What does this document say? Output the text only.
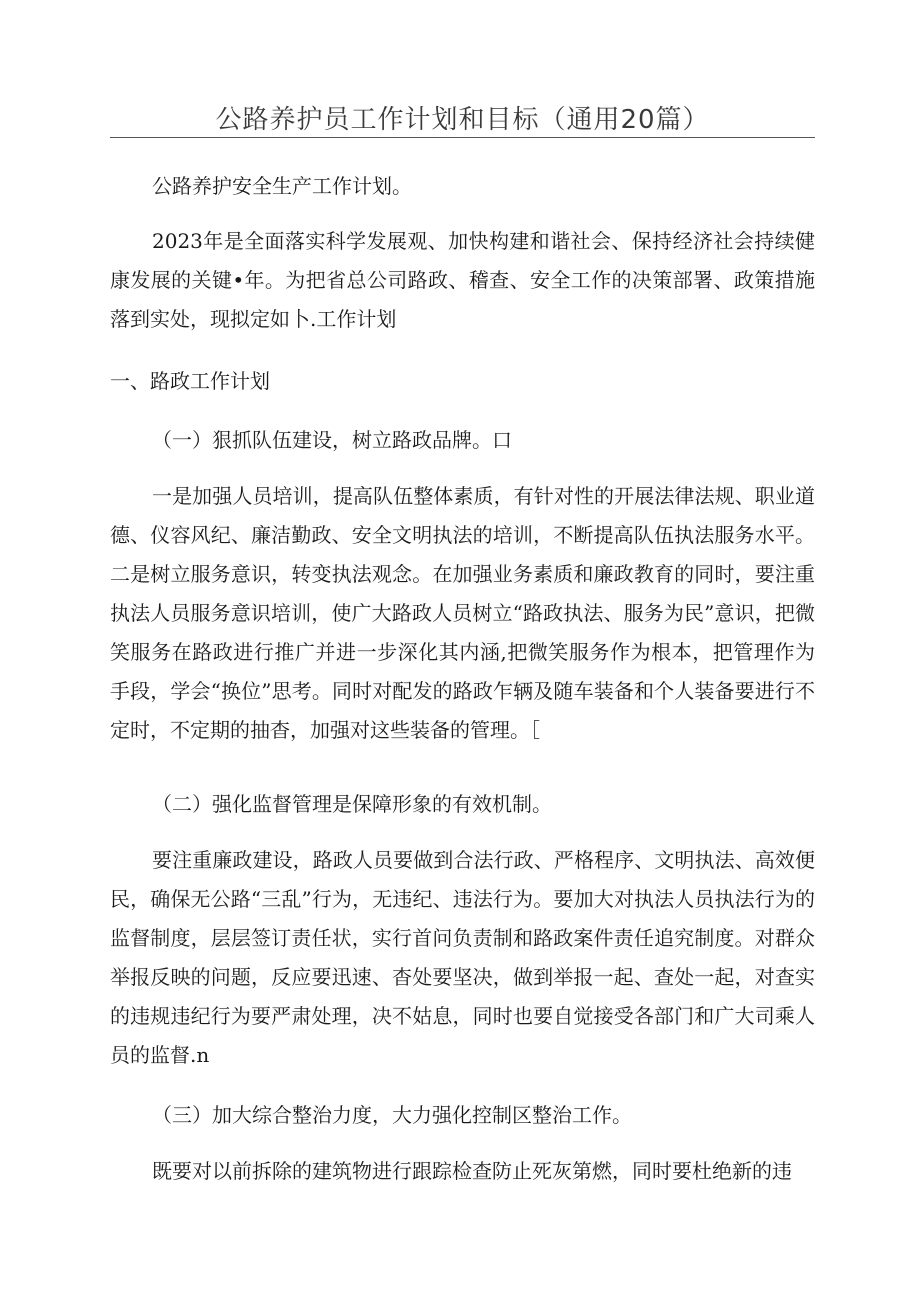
公路养护员工作计划和目标（通用20篇）

公路养护安全生产工作计划。

2023年是全面落实科学发展观、加快构建和谐社会、保持经济社会持续健康发展的关键•年。为把省总公司路政、稽查、安全工作的决策部署、政策措施落到实处，现拟定如卜.工作计划

一、路政工作计划

（一）狠抓队伍建设，树立路政品牌。口

一是加强人员培训，提高队伍整体素质，有针对性的开展法律法规、职业道德、仪容风纪、廉洁勤政、安全文明执法的培训，不断提高队伍执法服务水平。二是树立服务意识，转变执法观念。在加强业务素质和廉政教育的同时，要注重执法人员服务意识培训，使广大路政人员树立“路政执法、服务为民”意识，把微笑服务在路政进行推广并进一步深化其内涵,把微笑服务作为根本，把管理作为手段，学会“换位”思考。同时对配发的路政乍辆及随车装备和个人装备要进行不定时，不定期的抽杳，加强对这些装备的管理。［

（二）强化监督管理是保障形象的有效机制。

要注重廉政建设，路政人员要做到合法行政、严格程序、文明执法、高效便民，确保无公路“三乱”行为，无违纪、违法行为。要加大对执法人员执法行为的监督制度，层层签订责任状，实行首问负责制和路政案件责任追究制度。对群众举报反映的问题，反应要迅速、杳处要坚决，做到举报一起、查处一起，对查实的违规违纪行为要严肃处理，决不姑息，同时也要自觉接受各部门和广大司乘人员的监督.n

（三）加大综合整治力度，大力强化控制区整治工作。

既要对以前拆除的建筑物进行跟踪检查防止死灰第燃，同时要杜绝新的违
